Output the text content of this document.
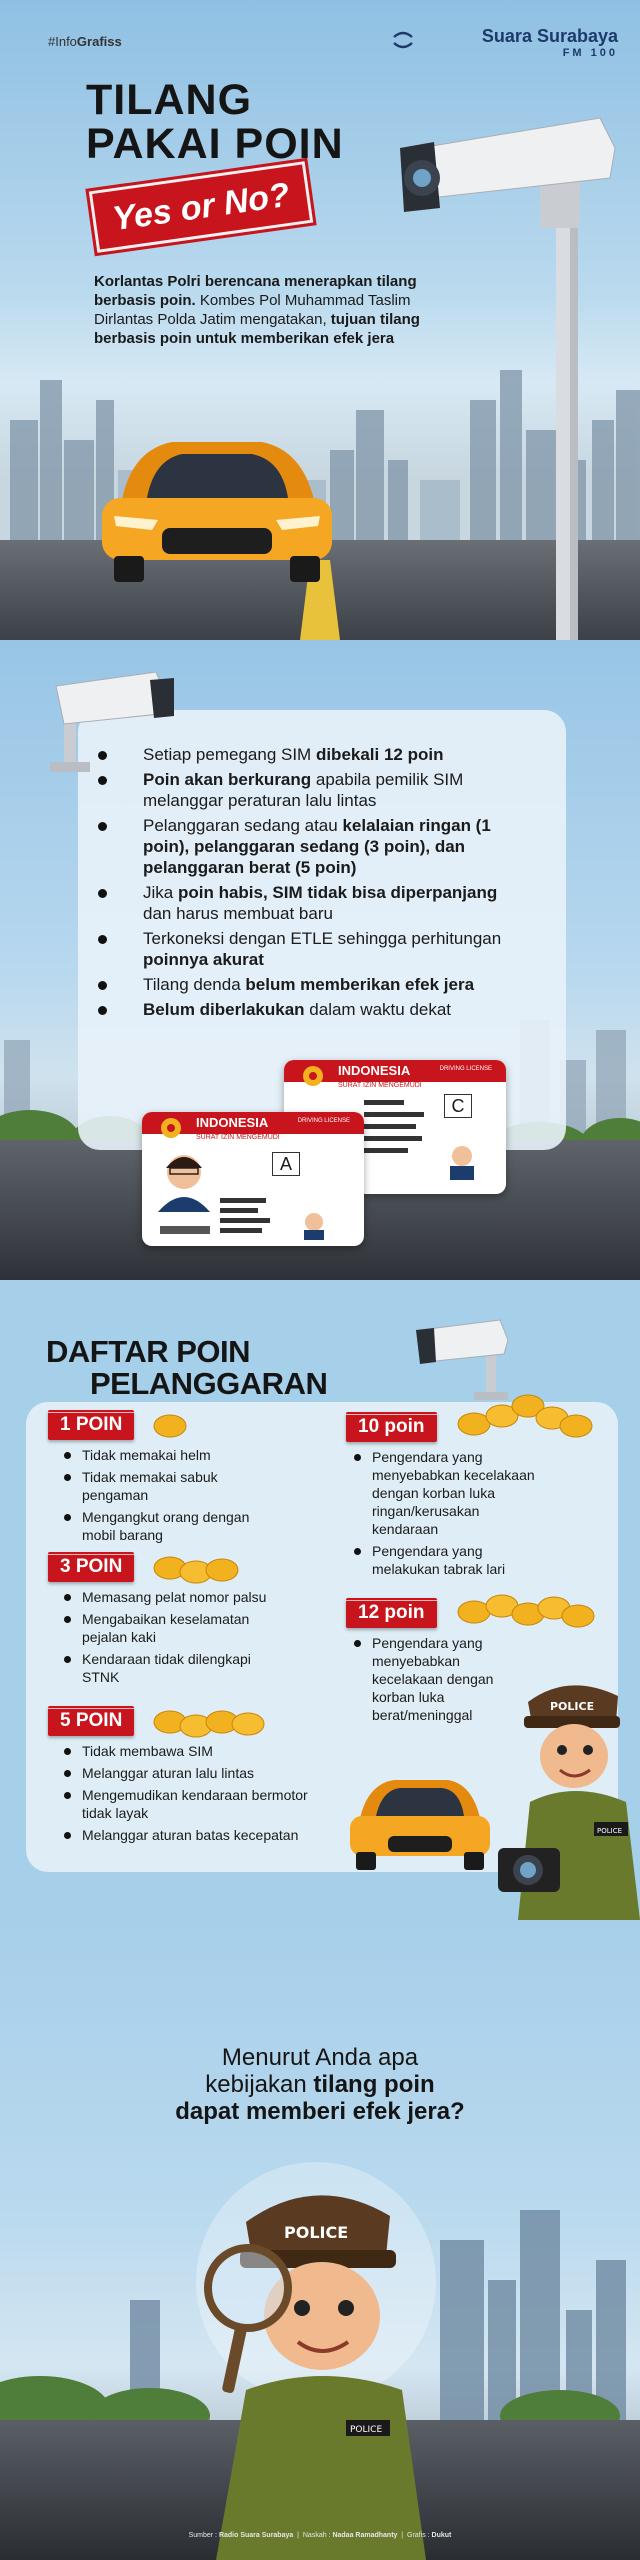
#InfoGrafiss	Suara Surabaya
FM 100
TILANG
PAKAI POIN
Yes or No?

Korlantas Polri berencana menerapkan tilang berbasis poin. Kombes Pol Muhammad Taslim Dirlantas Polda Jatim mengatakan, tujuan tilang berbasis poin untuk memberikan efek jera

Setiap pemegang SIM dibekali 12 poin
Poin akan berkurang apabila pemilik SIM melanggar peraturan lalu lintas
Pelanggaran sedang atau kelalaian ringan (1 poin), pelanggaran sedang (3 poin), dan pelanggaran berat (5 poin)
Jika poin habis, SIM tidak bisa diperpanjang dan harus membuat baru
Terkoneksi dengan ETLE sehingga perhitungan poinnya akurat
Tilang denda belum memberikan efek jera
Belum diberlakukan dalam waktu dekat
INDONESIA	DRIVING LICENSE
SURAT IZIN MENGEMUDI
C
INDONESIA	DRIVING LICENSE
SURAT IZIN MENGEMUDI
A
DAFTAR POIN
PELANGGARAN
1 POIN
Tidak memakai helm
Tidak memakai sabuk pengaman
Mengangkut orang dengan mobil barang
3 POIN
Memasang pelat nomor palsu
Mengabaikan keselamatan pejalan kaki
Kendaraan tidak dilengkapi STNK
5 POIN
Tidak membawa SIM
Melanggar aturan lalu lintas
Mengemudikan kendaraan bermotor tidak layak
Melanggar aturan batas kecepatan
10 poin
Pengendara yang menyebabkan kecelakaan dengan korban luka ringan/kerusakan kendaraan
Pengendara yang melakukan tabrak lari
12 poin
Pengendara yang menyebabkan kecelakaan dengan korban luka berat/meninggal
POLICE
POLICE
Menurut Anda apa
kebijakan tilang poin
dapat memberi efek jera?
POLICE
POLICE
Sumber : Radio Suara Surabaya  |  Naskah : Nadaa Ramadhanty  |  Grafis : Dukut
